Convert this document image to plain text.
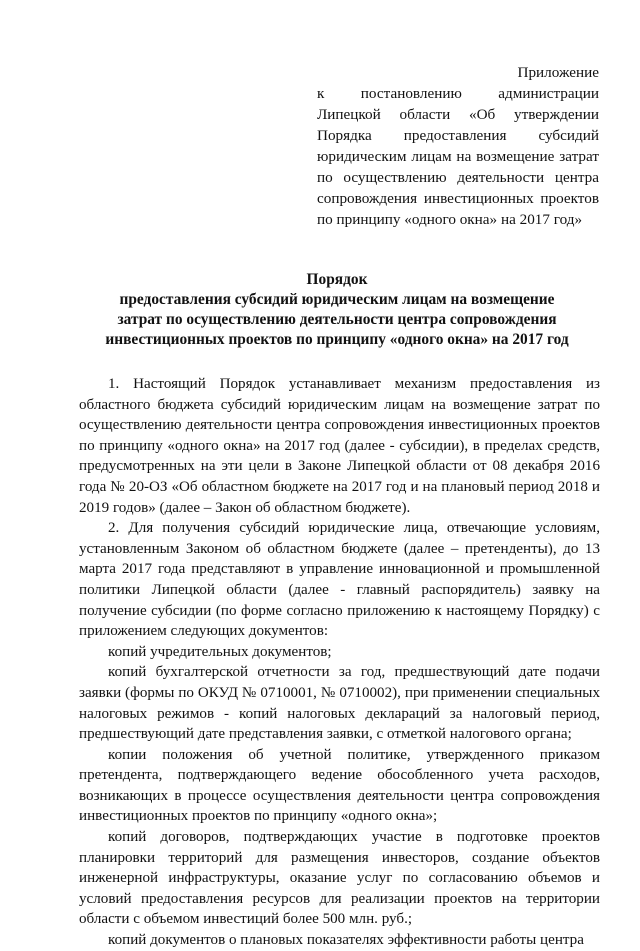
Приложение
к постановлению администрации Липецкой области «Об утверждении Порядка предоставления субсидий юридическим лицам на возмещение затрат по осуществлению деятельности центра сопровождения инвестиционных проектов по принципу «одного окна» на 2017 год»
Порядок
предоставления субсидий юридическим лицам на возмещение
затрат по осуществлению деятельности центра сопровождения
инвестиционных проектов по принципу «одного окна» на 2017 год

1. Настоящий Порядок устанавливает механизм предоставления из областного бюджета субсидий юридическим лицам на возмещение затрат по осуществлению деятельности центра сопровождения инвестиционных проектов по принципу «одного окна» на 2017 год (далее - субсидии), в пределах средств, предусмотренных на эти цели в Законе Липецкой области от 08 декабря 2016 года № 20-ОЗ «Об областном бюджете на 2017 год и на плановый период 2018 и 2019 годов» (далее – Закон об областном бюджете).

2. Для получения субсидий юридические лица, отвечающие условиям, установленным Законом об областном бюджете (далее – претенденты), до 13 марта 2017 года представляют в управление инновационной и промышленной политики Липецкой области (далее - главный распорядитель) заявку на получение субсидии (по форме согласно приложению к настоящему Порядку) с приложением следующих документов:

копий учредительных документов;

копий бухгалтерской отчетности за год, предшествующий дате подачи заявки (формы по ОКУД № 0710001, № 0710002), при применении специальных налоговых режимов - копий налоговых деклараций за налоговый период, предшествующий дате представления заявки, с отметкой налогового органа;

копии положения об учетной политике, утвержденного приказом претендента, подтверждающего ведение обособленного учета расходов, возникающих в процессе осуществления деятельности центра сопровождения инвестиционных проектов по принципу «одного окна»;

копий договоров, подтверждающих участие в подготовке проектов планировки территорий для размещения инвесторов, создание объектов инженерной инфраструктуры, оказание услуг по согласованию объемов и условий предоставления ресурсов для реализации проектов на территории области с объемом инвестиций более 500 млн. руб.;

копий документов о плановых показателях эффективности работы центра
